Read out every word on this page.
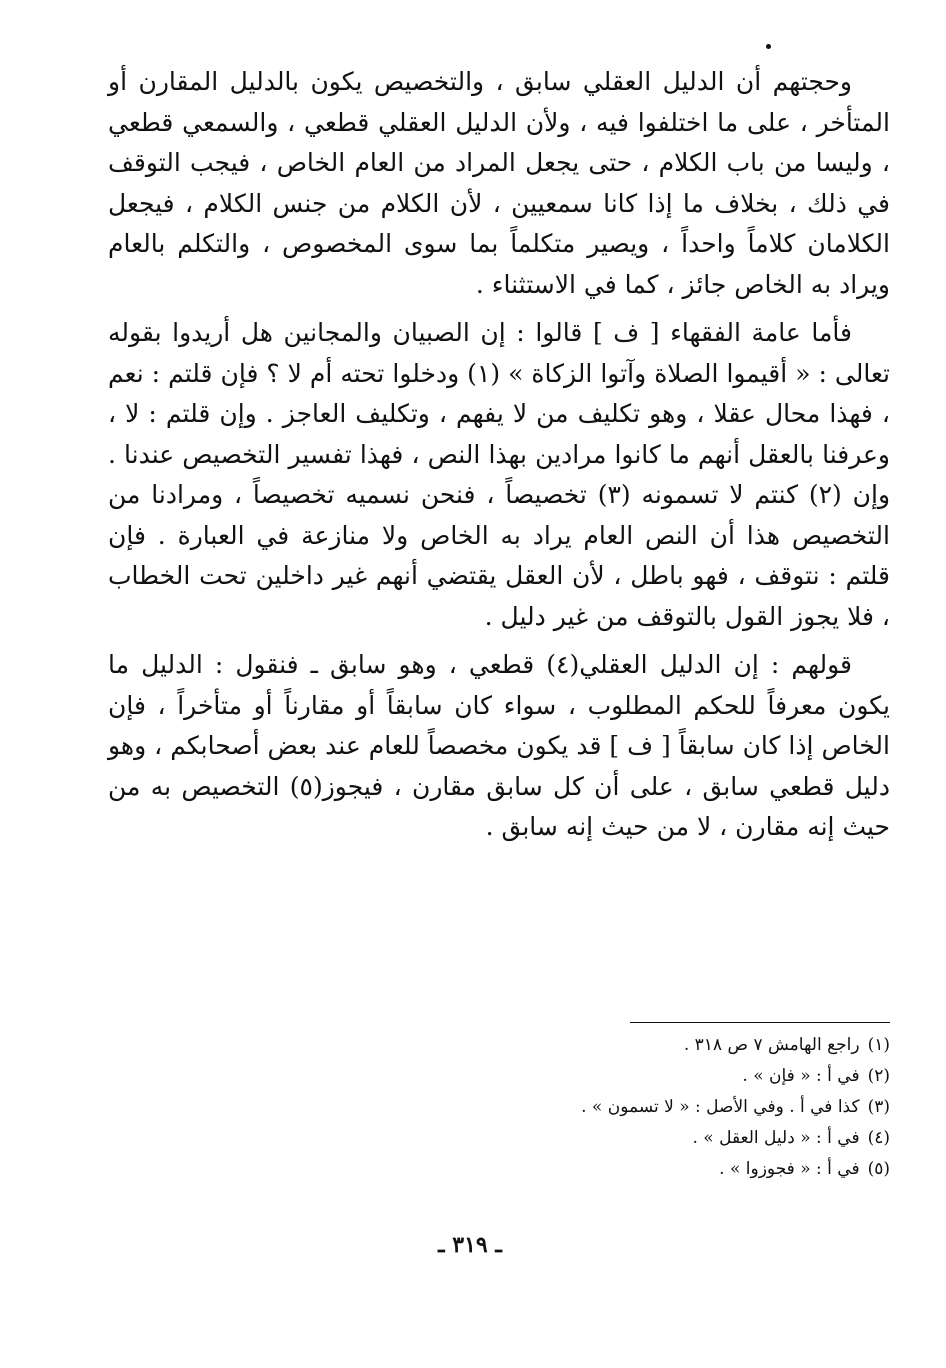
وحجتهم أن الدليل العقلي سابق ، والتخصيص يكون بالدليل المقارن أو المتأخر ، على ما اختلفوا فيه ، ولأن الدليل العقلي قطعي ، والسمعي قطعي ، وليسا من باب الكلام ، حتى يجعل المراد من العام الخاص ، فيجب التوقف في ذلك ، بخلاف ما إذا كانا سمعيين ، لأن الكلام من جنس الكلام ، فيجعل الكلامان كلاماً واحداً ، ويصير متكلماً بما سوى المخصوص ، والتكلم بالعام ويراد به الخاص جائز ، كما في الاستثناء .

فأما عامة الفقهاء [ ف ] قالوا : إن الصبيان والمجانين هل أريدوا بقوله تعالى : « أقيموا الصلاة وآتوا الزكاة » (١) ودخلوا تحته أم لا ؟ فإن قلتم : نعم ، فهذا محال عقلا ، وهو تكليف من لا يفهم ، وتكليف العاجز . وإن قلتم : لا ، وعرفنا بالعقل أنهم ما كانوا مرادين بهذا النص ، فهذا تفسير التخصيص عندنا . وإن (٢) كنتم لا تسمونه (٣) تخصيصاً ، فنحن نسميه تخصيصاً ، ومرادنا من التخصيص هذا أن النص العام يراد به الخاص ولا منازعة في العبارة . فإن قلتم : نتوقف ، فهو باطل ، لأن العقل يقتضي أنهم غير داخلين تحت الخطاب ، فلا يجوز القول بالتوقف من غير دليل .

قولهم : إن الدليل العقلي(٤) قطعي ، وهو سابق ـ فنقول : الدليل ما يكون معرفاً للحكم المطلوب ، سواء كان سابقاً أو مقارناً أو متأخراً ، فإن الخاص إذا كان سابقاً [ ف ] قد يكون مخصصاً للعام عند بعض أصحابكم ، وهو دليل قطعي سابق ، على أن كل سابق مقارن ، فيجوز(٥) التخصيص به من حيث إنه مقارن ، لا من حيث إنه سابق .

(١)راجع الهامش ٧ ص ٣١٨ .
(٢)في أ : « فإن » .
(٣)كذا في أ . وفي الأصل : « لا تسمون » .
(٤)في أ : « دليل العقل » .
(٥)في أ : « فجوزوا » .
ـ ٣١٩ ـ
